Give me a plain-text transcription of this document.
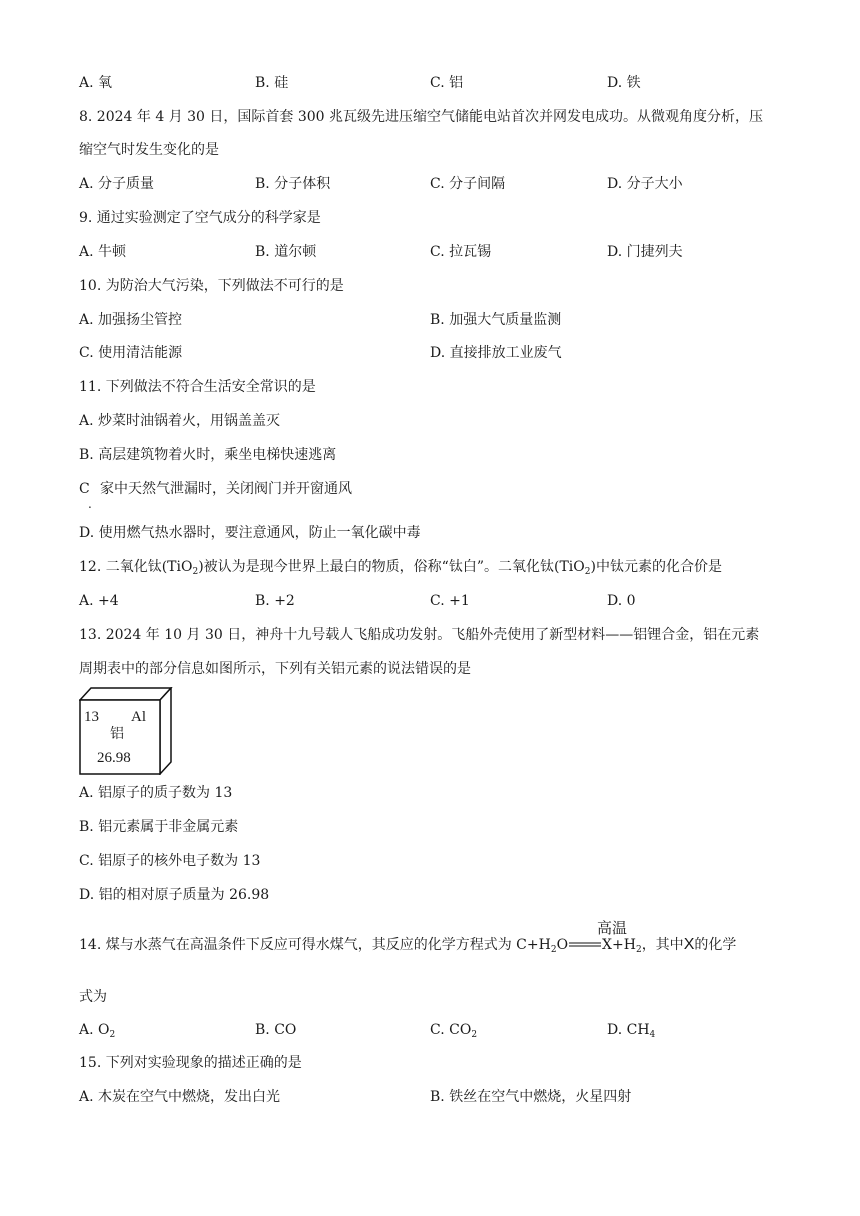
A. 氧	B. 硅	C. 铝	D. 铁
8. 2024 年 4 月 30 日，国际首套 300 兆瓦级先进压缩空气储能电站首次并网发电成功。从微观角度分析，压
缩空气时发生变化的是
A. 分子质量	B. 分子体积	C. 分子间隔	D. 分子大小
9. 通过实验测定了空气成分的科学家是
A. 牛顿	B. 道尔顿	C. 拉瓦锡	D. 门捷列夫
10. 为防治大气污染，下列做法不可行的是
A. 加强扬尘管控	B. 加强大气质量监测
C. 使用清洁能源	D. 直接排放工业废气
11. 下列做法不符合生活安全常识的是
A. 炒菜时油锅着火，用锅盖盖灭
B. 高层建筑物着火时，乘坐电梯快速逃离
C 家中天然气泄漏时，关闭阀门并开窗通风
.
D. 使用燃气热水器时，要注意通风，防止一氧化碳中毒
12. 二氧化钛(TiO$_2$)被认为是现今世界上最白的物质，俗称“钛白”。二氧化钛(TiO$_2$)中钛元素的化合价是
A. +4	B. +2	C. +1	D. 0
13. 2024 年 10 月 30 日，神舟十九号载人飞船成功发射。飞船外壳使用了新型材料——铝锂合金，铝在元素
周期表中的部分信息如图所示，下列有关铝元素的说法错误的是
13 Al
铝
26.98
A. 铝原子的质子数为 13
B. 铝元素属于非金属元素
C. 铝原子的核外电子数为 13
D. 铝的相对原子质量为 26.98
14. 煤与水蒸气在高温条件下反应可得水煤气，其反应的化学方程式为 $C+H_2O$ $X+H_2$，其中X的化学
高温
式为
A. $O_2$	B. CO	C. $CO_2$	D. $CH_4$
15. 下列对实验现象的描述正确的是
A. 木炭在空气中燃烧，发出白光	B. 铁丝在空气中燃烧，火星四射
